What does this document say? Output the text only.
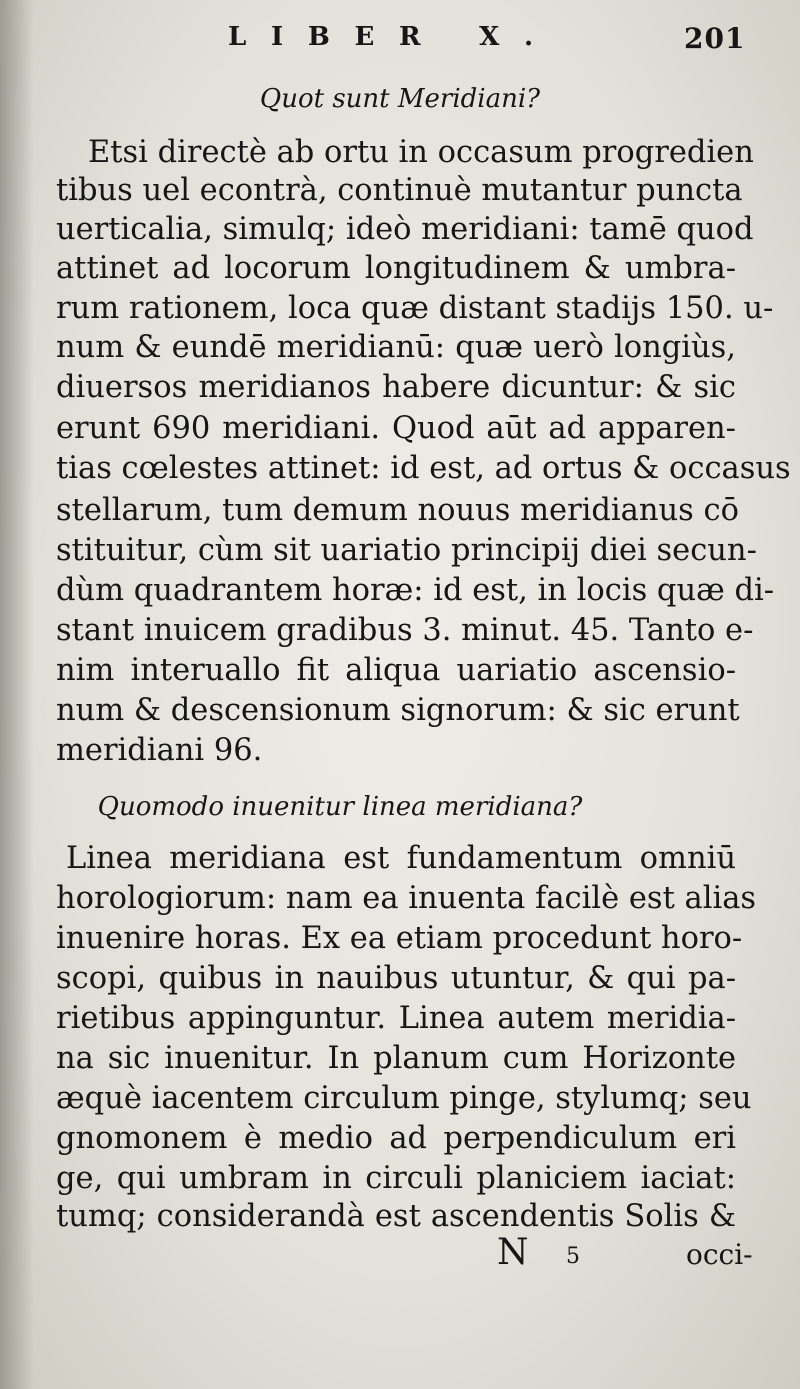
LIBER X.	201
Quot sunt Meridiani?
Etsi directè ab ortu in occasum progredien
tibus uel econtrà, continuè mutantur puncta
uerticalia, simulq; ideò meridiani: tamē quod
attinet ad locorum longitudinem & umbra-
rum rationem, loca quæ distant stadijs 150. u-
num & eundē meridianū: quæ uerò longiùs,
diuersos meridianos habere dicuntur: & sic
erunt 690 meridiani. Quod aūt ad apparen-
tias cœlestes attinet: id est, ad ortus & occasus
stellarum, tum demum nouus meridianus cō
stituitur, cùm sit uariatio principij diei secun-
dùm quadrantem horæ: id est, in locis quæ di-
stant inuicem gradibus 3. minut. 45. Tanto e-
nim interuallo fit aliqua uariatio ascensio-
num & descensionum signorum: & sic erunt
meridiani 96.
Quomodo inuenitur linea meridiana?
Linea meridiana est fundamentum omniū
horologiorum: nam ea inuenta facilè est alias
inuenire horas. Ex ea etiam procedunt horo-
scopi, quibus in nauibus utuntur, & qui pa-
rietibus appinguntur. Linea autem meridia-
na sic inuenitur. In planum cum Horizonte
æquè iacentem circulum pinge, stylumq; seu
gnomonem è medio ad perpendiculum eri
ge, qui umbram in circuli planiciem iaciat:
tumq; considerandà est ascendentis Solis &
N 5	occi-
